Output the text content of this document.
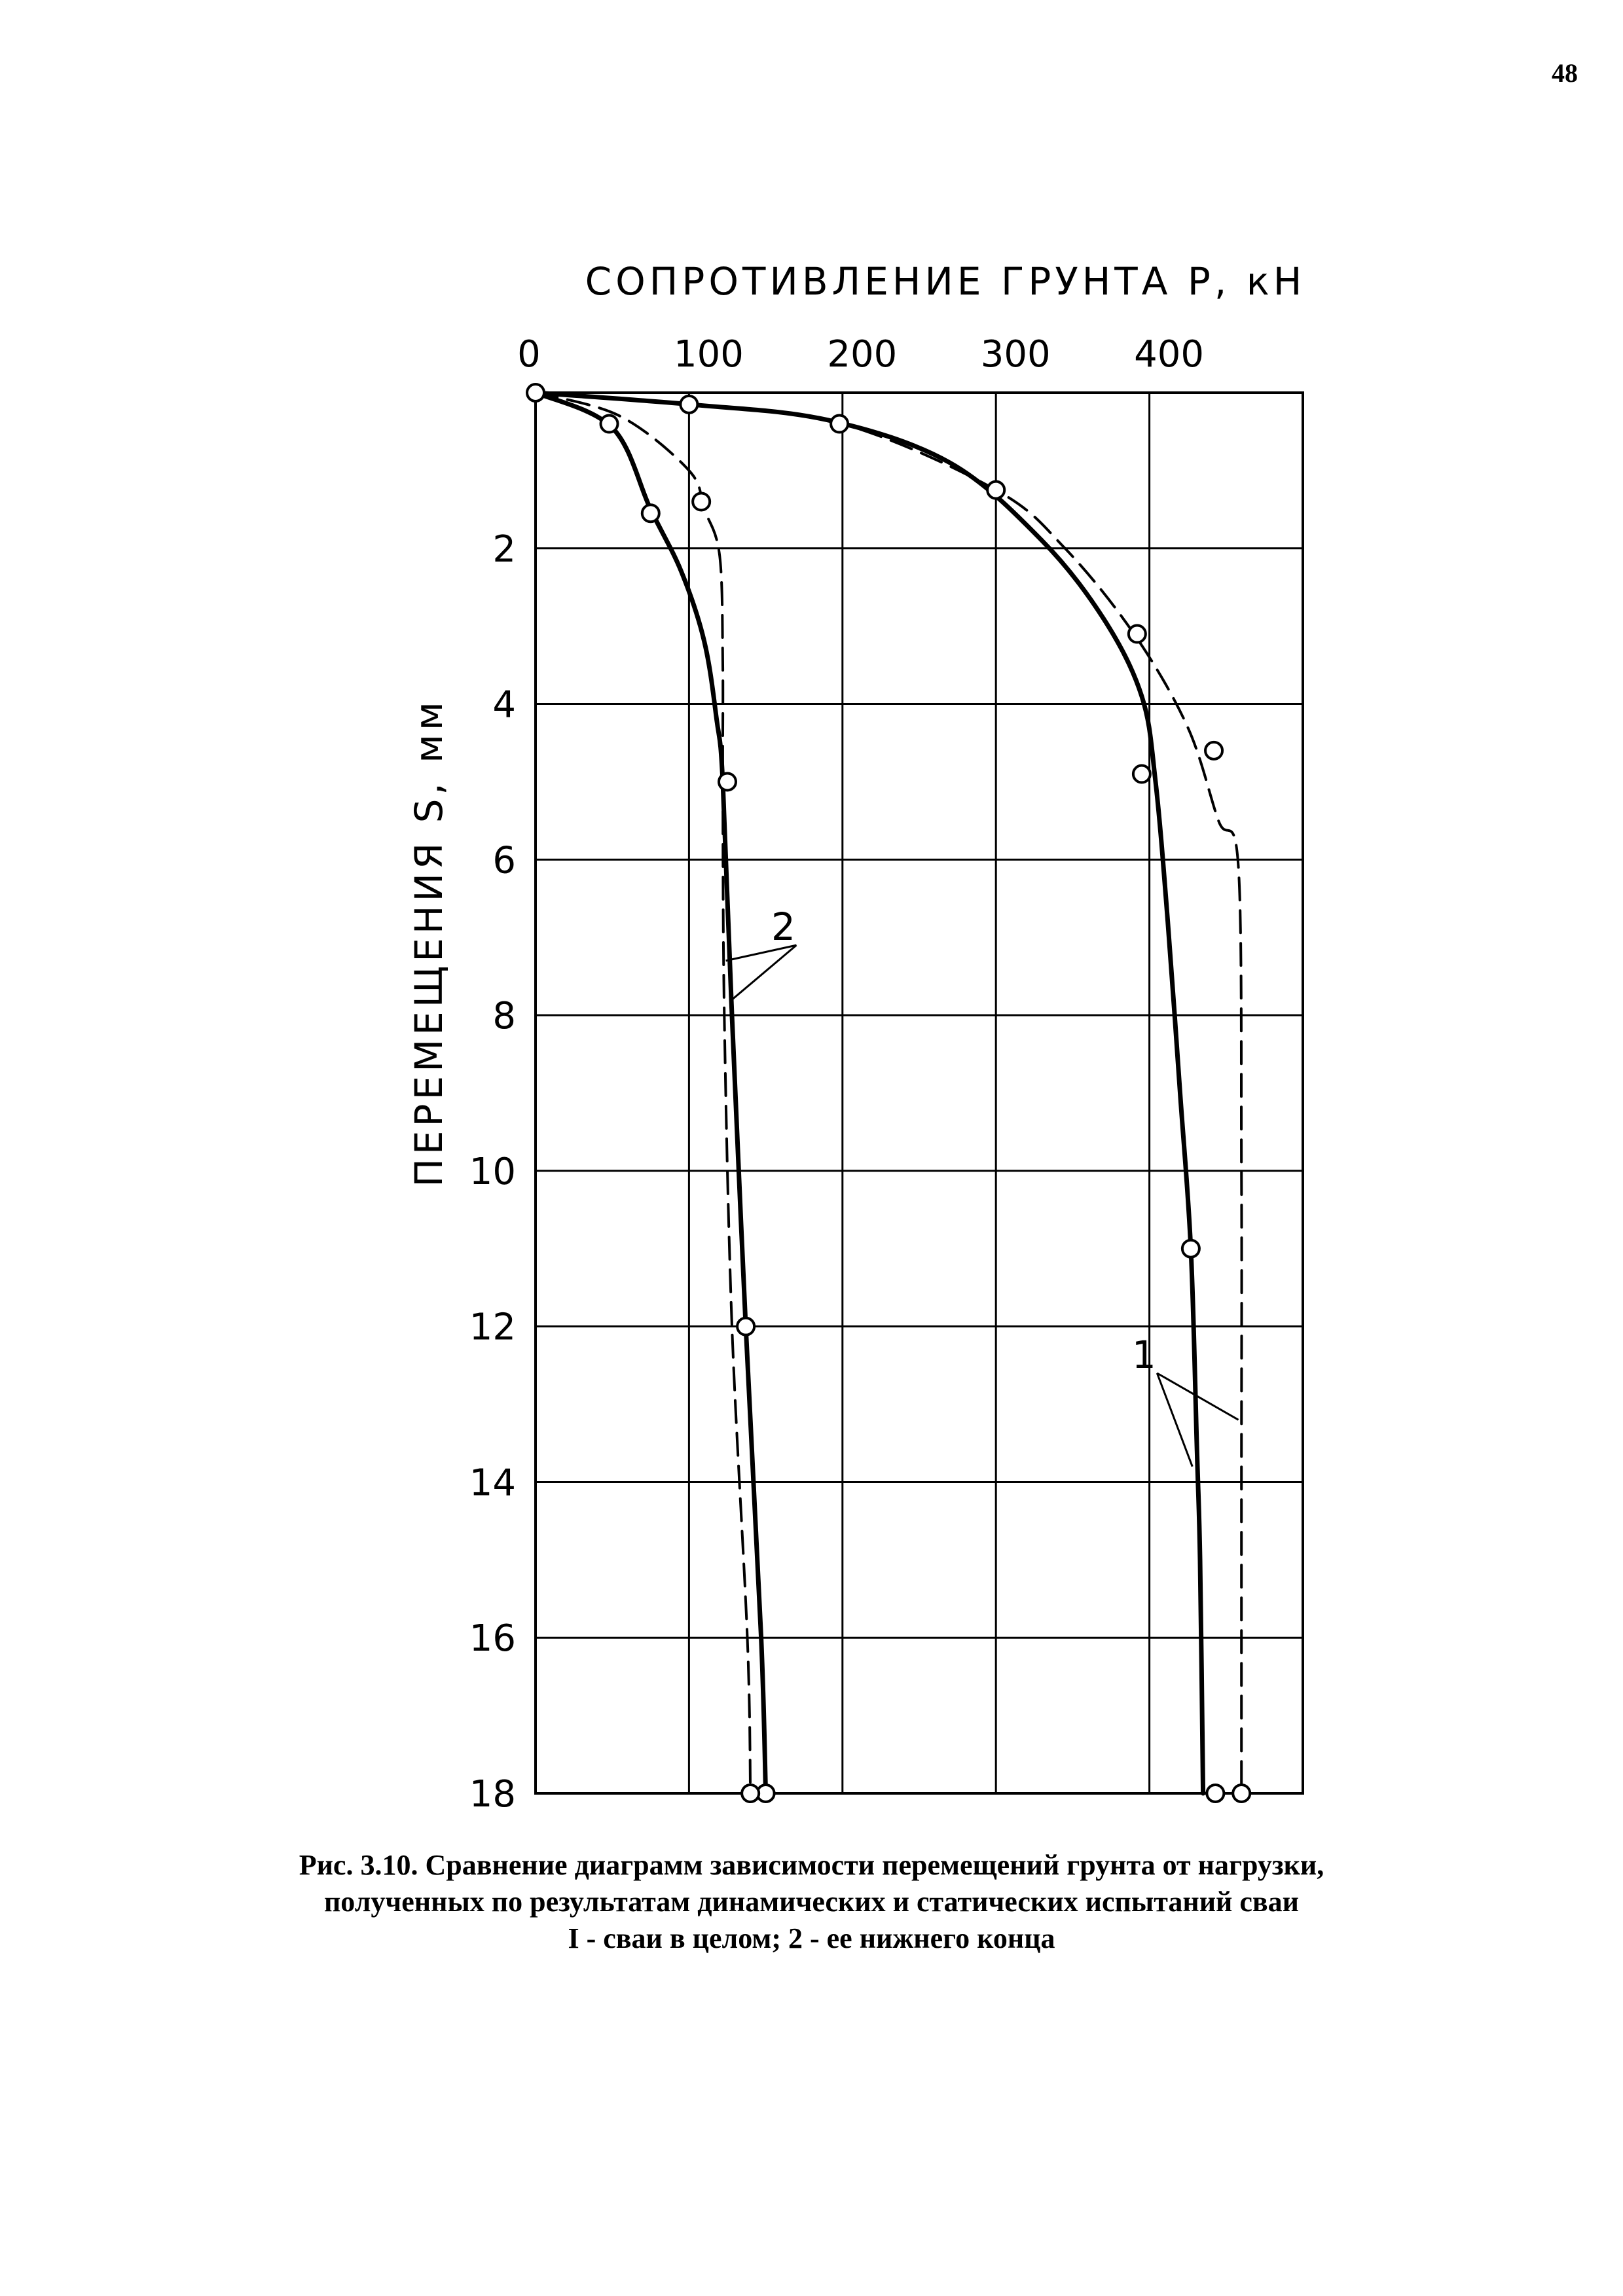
48
1
2
0	100 200 300 400
2
4
6
8
10
12
14
16
18
СОПРОТИВЛЕНИЕ ГРУНТА P, кН
ПЕРЕМЕЩЕНИЯ S, мм
Рис. 3.10. Сравнение диаграмм зависимости перемещений грунта от нагрузки,
полученных по результатам динамических и статических испытаний сваи
I - сваи в целом; 2 - ее нижнего конца
